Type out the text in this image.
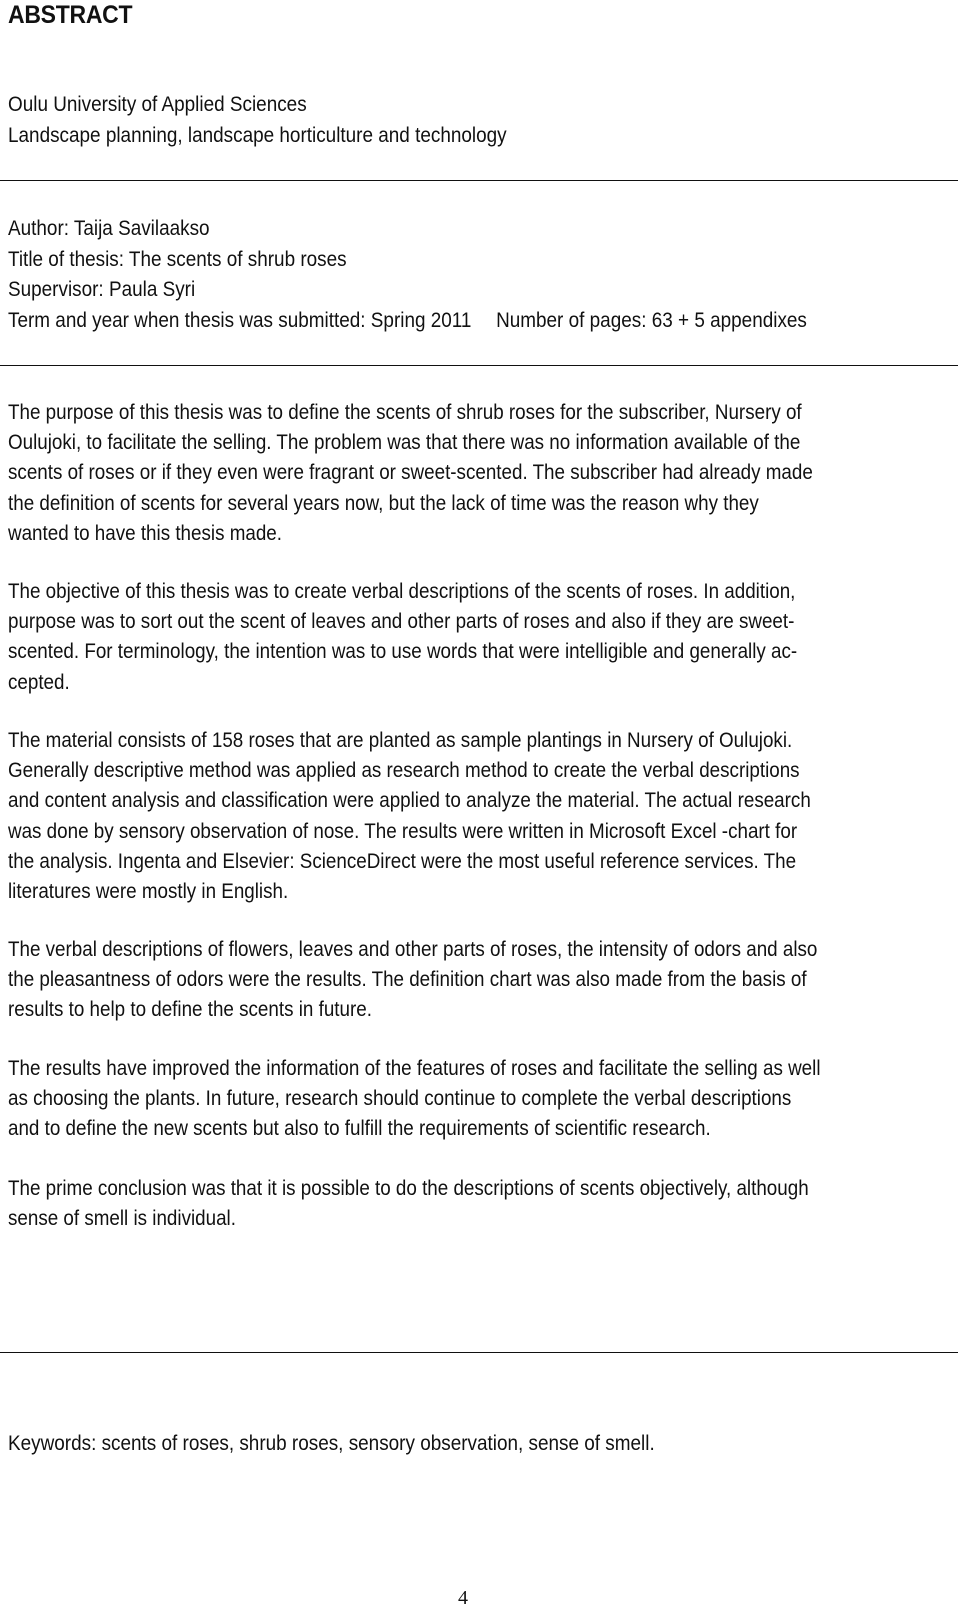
ABSTRACT
Oulu University of Applied Sciences
Landscape planning, landscape horticulture and technology
Author: Taija Savilaakso
Title of thesis: The scents of shrub roses
Supervisor: Paula Syri
Term and year when thesis was submitted: Spring 2011 Number of pages: 63 + 5 appendixes
The purpose of this thesis was to define the scents of shrub roses for the subscriber, Nursery of
Oulujoki, to facilitate the selling. The problem was that there was no information available of the
scents of roses or if they even were fragrant or sweet-scented. The subscriber had already made
the definition of scents for several years now, but the lack of time was the reason why they
wanted to have this thesis made.
The objective of this thesis was to create verbal descriptions of the scents of roses. In addition,
purpose was to sort out the scent of leaves and other parts of roses and also if they are sweet-
scented. For terminology, the intention was to use words that were intelligible and generally ac-
cepted.
The material consists of 158 roses that are planted as sample plantings in Nursery of Oulujoki.
Generally descriptive method was applied as research method to create the verbal descriptions
and content analysis and classification were applied to analyze the material. The actual research
was done by sensory observation of nose. The results were written in Microsoft Excel -chart for
the analysis. Ingenta and Elsevier: ScienceDirect were the most useful reference services. The
literatures were mostly in English.
The verbal descriptions of flowers, leaves and other parts of roses, the intensity of odors and also
the pleasantness of odors were the results. The definition chart was also made from the basis of
results to help to define the scents in future.
The results have improved the information of the features of roses and facilitate the selling as well
as choosing the plants. In future, research should continue to complete the verbal descriptions
and to define the new scents but also to fulfill the requirements of scientific research.
The prime conclusion was that it is possible to do the descriptions of scents objectively, although
sense of smell is individual.
Keywords: scents of roses, shrub roses, sensory observation, sense of smell.
4
